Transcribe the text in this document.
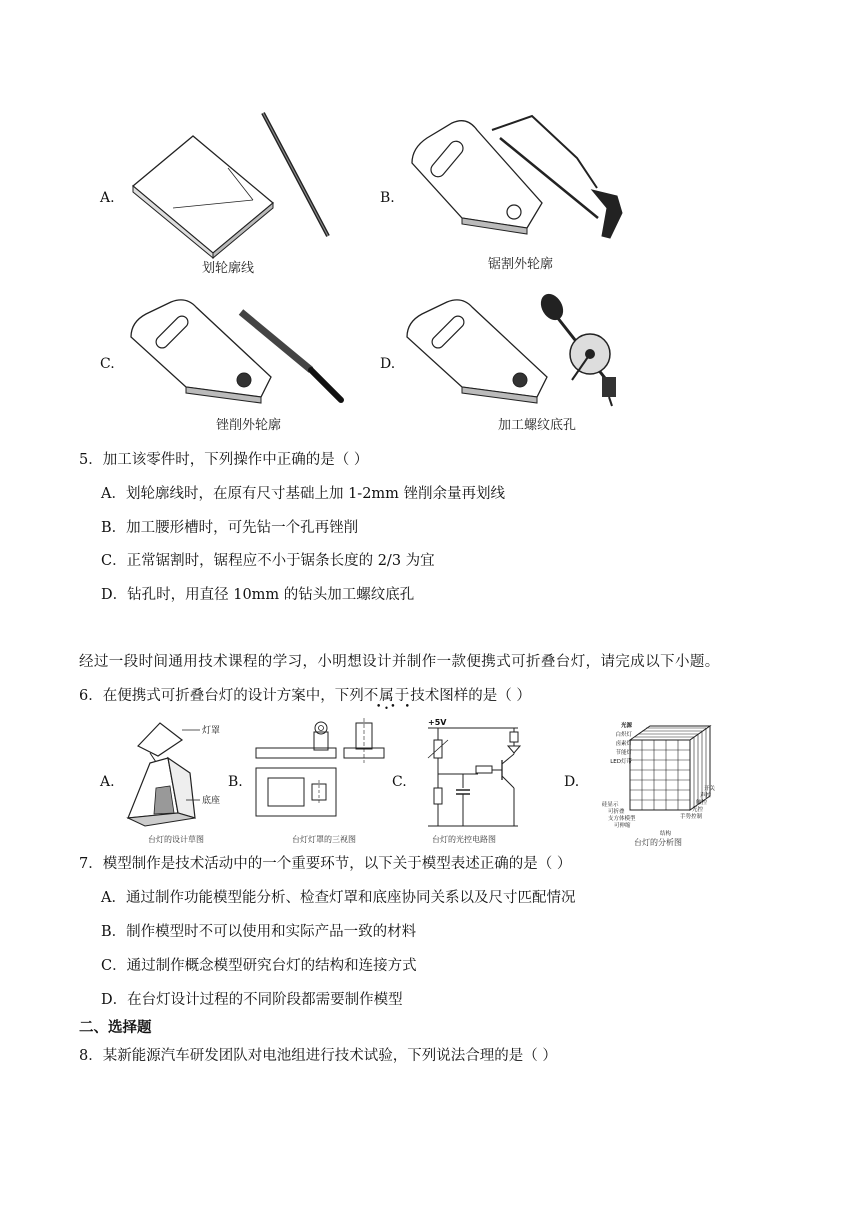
A.
划轮廓线
B.
锯割外轮廓
C.
锉削外轮廓
D.
加工螺纹底孔
5．加工该零件时，下列操作中正确的是（ ）
A．划轮廓线时，在原有尺寸基础上加 1-2mm 锉削余量再划线
B．加工腰形槽时，可先钻一个孔再锉削
C．正常锯割时，锯程应不小于锯条长度的 2/3 为宜
D．钻孔时，用直径 10mm 的钻头加工螺纹底孔
经过一段时间通用技术课程的学习，小明想设计并制作一款便携式可折叠台灯，请完成以下小题。
6．在便携式可折叠台灯的设计方案中，下列不属于技术图样的是（ ）
•••
A.
灯罩
底座
台灯的设计草图
B.
台灯灯罩的三视图
C.
+5V
台灯的光控电路图
D.
光源
白炽灯
卤素灯
节能灯
LED灯带
硅显示
可折叠
支方体模型
可伸缩
开关
声控
触控
光控
手势控制
结构
台灯的分析图
7．模型制作是技术活动中的一个重要环节，以下关于模型表述正确的是（ ）
A．通过制作功能模型能分析、检查灯罩和底座协同关系以及尺寸匹配情况
B．制作模型时不可以使用和实际产品一致的材料
C．通过制作概念模型研究台灯的结构和连接方式
D．在台灯设计过程的不同阶段都需要制作模型
二、选择题
8．某新能源汽车研发团队对电池组进行技术试验，下列说法合理的是（ ）
